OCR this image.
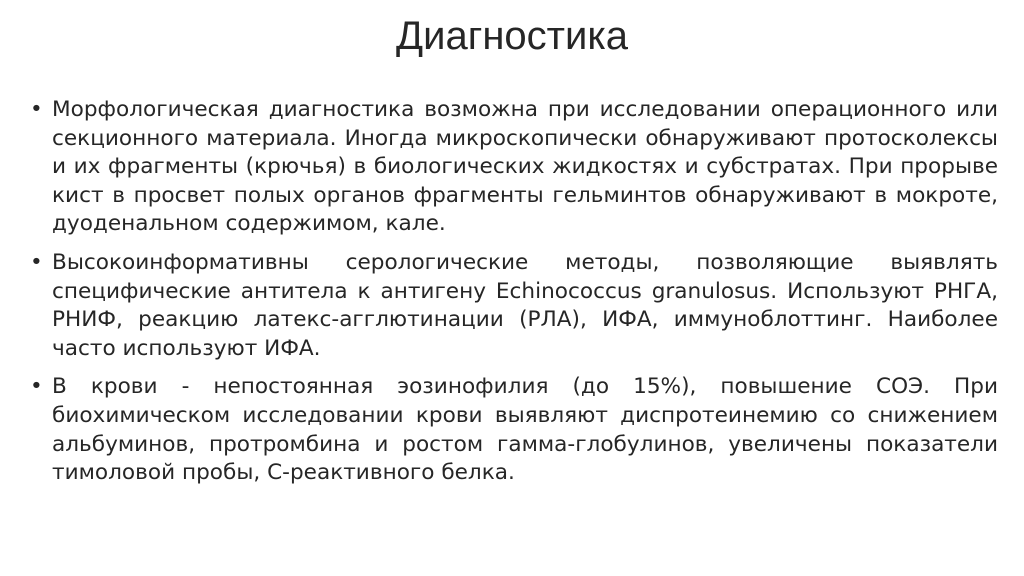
Диагностика
• Морфологическая диагностика возможна при исследовании операционного или секционного материала. Иногда микроскопически обнаруживают протосколексы и их фрагменты (крючья) в биологических жидкостях и субстратах. При прорыве кист в просвет полых органов фрагменты гельминтов обнаруживают в мокроте, дуоденальном содержимом, кале.
• Высокоинформативны серологические методы, позволяющие выявлять специфические антитела к антигену Echinococcus granulosus. Используют РНГА, РНИФ, реакцию латекс-агглютинации (РЛА), ИФА, иммуноблоттинг. Наиболее часто используют ИФА.
• В крови - непостоянная эозинофилия (до 15%), повышение СОЭ. При биохимическом исследовании крови выявляют диспротеинемию со снижением альбуминов, протромбина и ростом гамма-глобулинов, увеличены показатели тимоловой пробы, С-реактивного белка.
